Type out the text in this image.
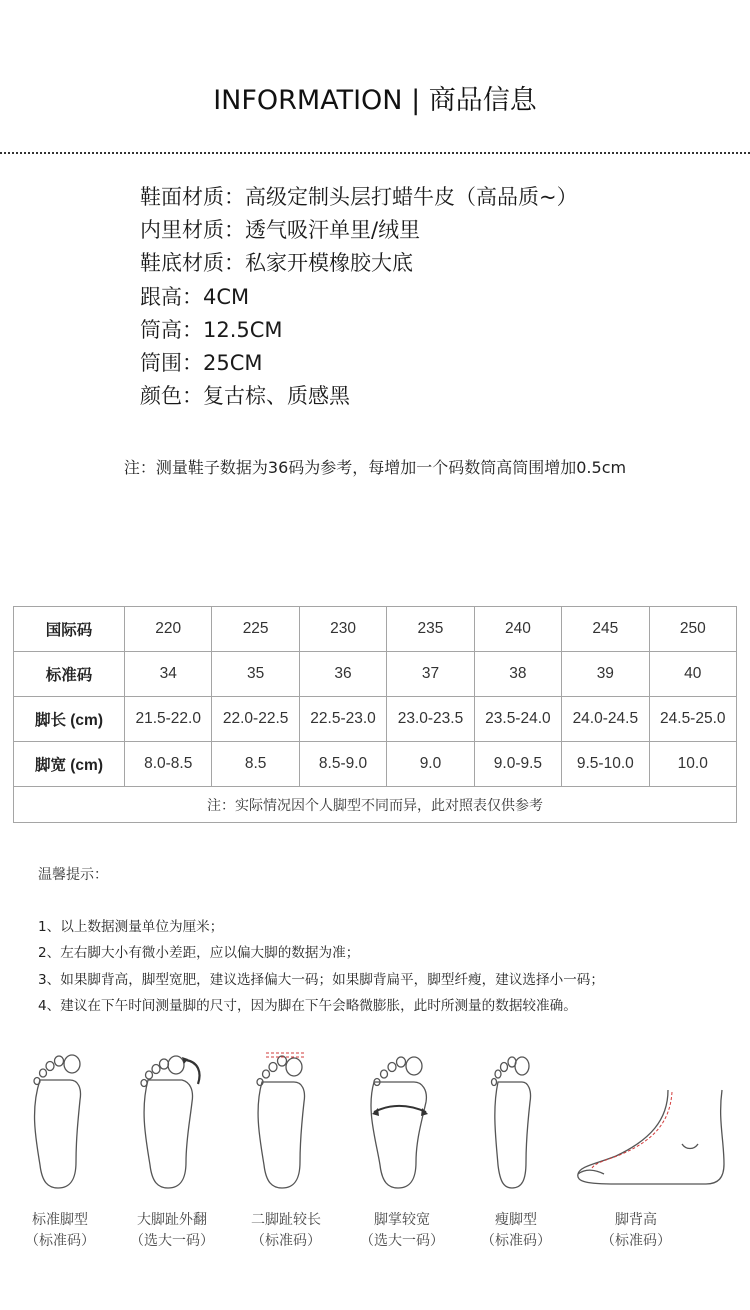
INFORMATION | 商品信息
鞋面材质：高级定制头层打蜡牛皮（高品质~）
内里材质：透气吸汗单里/绒里
鞋底材质：私家开模橡胶大底
跟高：4CM
筒高：12.5CM
筒围：25CM
颜色：复古棕、质感黑
注：测量鞋子数据为36码为参考，每增加一个码数筒高筒围增加0.5cm
国际码	220	225	230	235	240	245	250
标准码	34	35	36	37	38	39	40
脚长 (cm)	21.5-22.0	22.0-22.5	22.5-23.0	23.0-23.5	23.5-24.0	24.0-24.5	24.5-25.0
脚宽 (cm)	8.0-8.5	8.5	8.5-9.0	9.0	9.0-9.5	9.5-10.0	10.0
注：实际情况因个人脚型不同而异，此对照表仅供参考							
温馨提示：
1、以上数据测量单位为厘米；
2、左右脚大小有微小差距，应以偏大脚的数据为准；
3、如果脚背高，脚型宽肥，建议选择偏大一码；如果脚背扁平，脚型纤瘦，建议选择小一码；
4、建议在下午时间测量脚的尺寸，因为脚在下午会略微膨胀，此时所测量的数据较准确。
标准脚型
（标准码）
大脚趾外翻
（选大一码）
二脚趾较长
（标准码）
脚掌较宽
（选大一码）
瘦脚型
（标准码）
脚背高
（标准码）
